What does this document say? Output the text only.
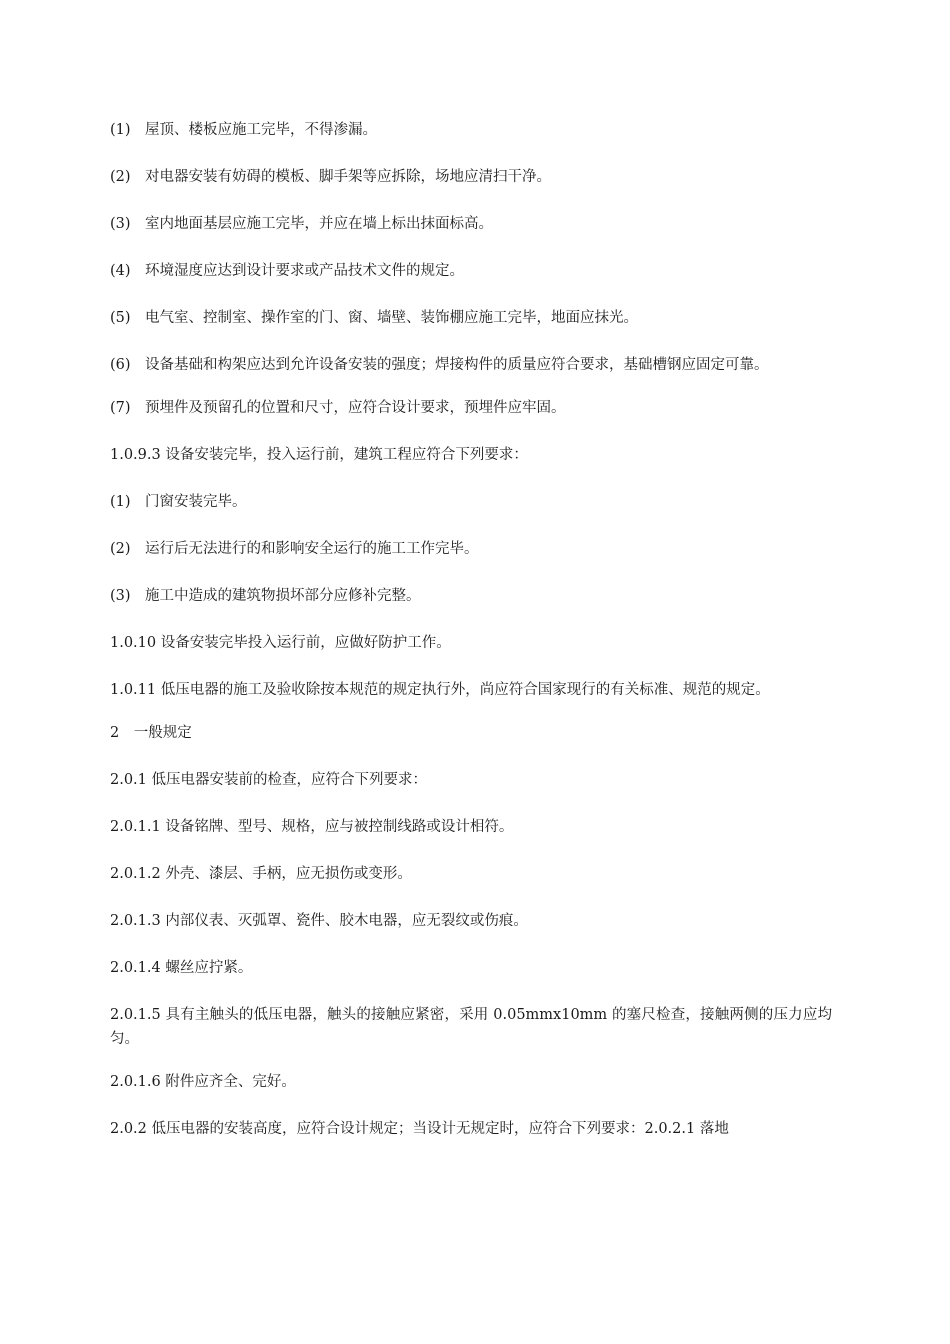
(1)　屋顶、楼板应施工完毕，不得渗漏。

(2)　对电器安装有妨碍的模板、脚手架等应拆除，场地应清扫干净。

(3)　室内地面基层应施工完毕，并应在墙上标出抹面标高。

(4)　环境湿度应达到设计要求或产品技术文件的规定。

(5)　电气室、控制室、操作室的门、窗、墙壁、装饰棚应施工完毕，地面应抹光。

(6)　设备基础和构架应达到允许设备安装的强度；焊接构件的质量应符合要求，基础槽钢应固定可靠。

(7)　预埋件及预留孔的位置和尺寸，应符合设计要求，预埋件应牢固。

1.0.9.3 设备安装完毕，投入运行前，建筑工程应符合下列要求：

(1)　门窗安装完毕。

(2)　运行后无法进行的和影响安全运行的施工工作完毕。

(3)　施工中造成的建筑物损坏部分应修补完整。

1.0.10 设备安装完毕投入运行前，应做好防护工作。

1.0.11 低压电器的施工及验收除按本规范的规定执行外，尚应符合国家现行的有关标准、规范的规定。

2　一般规定

2.0.1 低压电器安装前的检查，应符合下列要求：

2.0.1.1 设备铭牌、型号、规格，应与被控制线路或设计相符。

2.0.1.2 外壳、漆层、手柄，应无损伤或变形。

2.0.1.3 内部仪表、灭弧罩、瓷件、胶木电器，应无裂纹或伤痕。

2.0.1.4 螺丝应拧紧。

2.0.1.5 具有主触头的低压电器，触头的接触应紧密，采用 0.05mmx10mm 的塞尺检查，接触两侧的压力应均匀。

2.0.1.6 附件应齐全、完好。

2.0.2 低压电器的安装高度，应符合设计规定；当设计无规定时，应符合下列要求：2.0.2.1 落地
